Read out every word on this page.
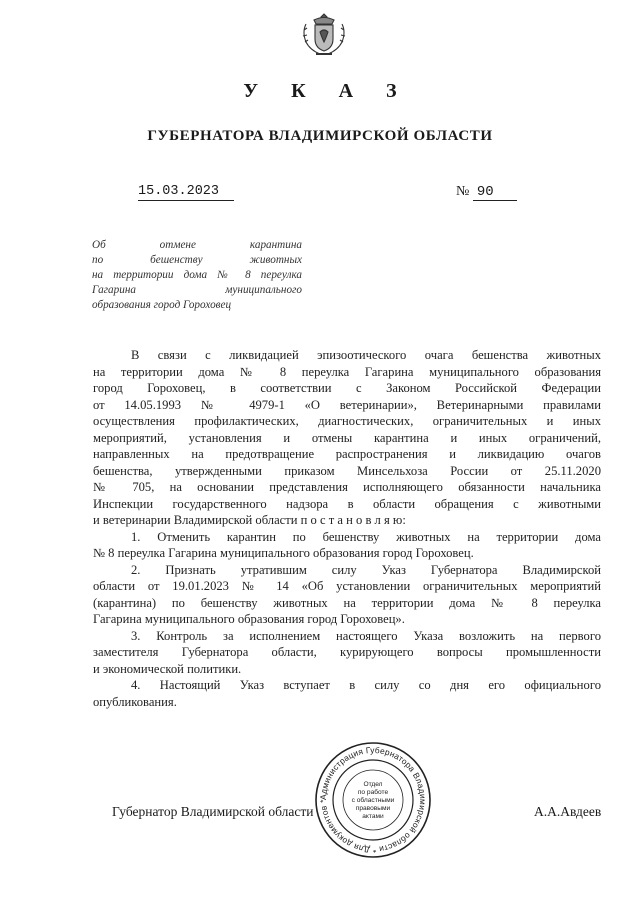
У К А З
ГУБЕРНАТОРА ВЛАДИМИРСКОЙ ОБЛАСТИ
15.03.2023	№ 90
Об отмене карантина
по бешенству животных
на территории дома № 8 переулка
Гагарина муниципального
образования город Гороховец
В связи с ликвидацией эпизоотического очага бешенства животных
на территории дома № 8 переулка Гагарина муниципального образования
город Гороховец, в соответствии с Законом Российской Федерации
от 14.05.1993 № 4979-1 «О ветеринарии», Ветеринарными правилами
осуществления профилактических, диагностических, ограничительных и иных
мероприятий, установления и отмены карантина и иных ограничений,
направленных на предотвращение распространения и ликвидацию очагов
бешенства, утвержденными приказом Минсельхоза России от 25.11.2020
№ 705, на основании представления исполняющего обязанности начальника
Инспекции государственного надзора в области обращения с животными
и ветеринарии Владимирской области п о с т а н о в л я ю:
1. Отменить карантин по бешенству животных на территории дома
№ 8 переулка Гагарина муниципального образования город Гороховец.
2. Признать утратившим силу Указ Губернатора Владимирской
области от 19.01.2023 № 14 «Об установлении ограничительных мероприятий
(карантина) по бешенству животных на территории дома № 8 переулка
Гагарина муниципального образования город Гороховец».
3. Контроль за исполнением настоящего Указа возложить на первого
заместителя Губернатора области, курирующего вопросы промышленности
и экономической политики.
4. Настоящий Указ вступает в силу со дня его официального
опубликования.
Губернатор Владимирской области
Администрация Губернатора Владимирской области * Для документов *
Отдел
по работе
с областными
правовыми
актами	А.А.Авдеев
